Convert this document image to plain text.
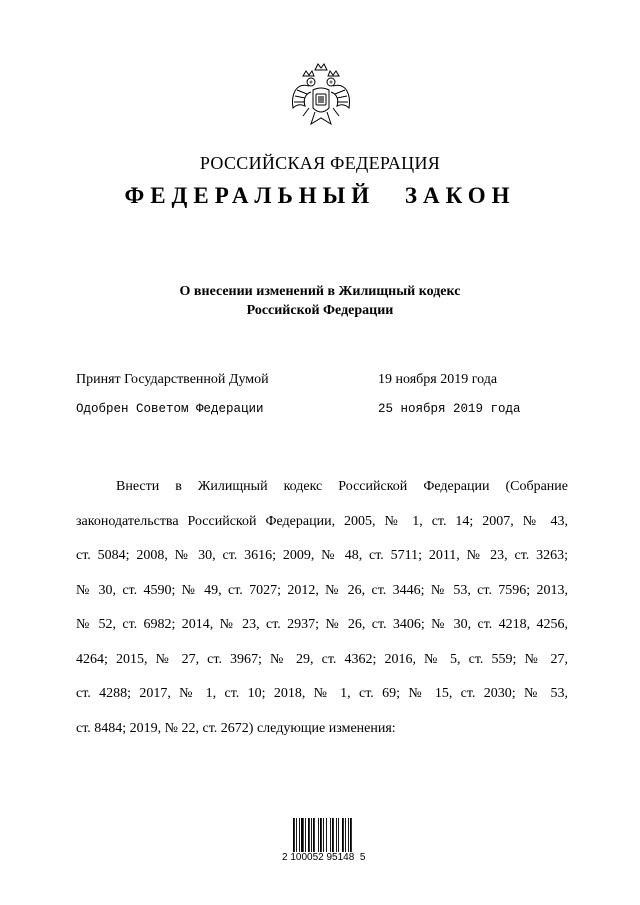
РОССИЙСКАЯ ФЕДЕРАЦИЯ
ФЕДЕРАЛЬНЫЙ ЗАКОН
О внесении изменений в Жилищный кодекс
Российской Федерации
Принят Государственной Думой	19 ноября 2019 года
Одобрен Советом Федерации	25 ноября 2019 года
Внести в Жилищный кодекс Российской Федерации (Собрание
законодательства Российской Федерации, 2005, № 1, ст. 14; 2007, № 43,
ст. 5084; 2008, № 30, ст. 3616; 2009, № 48, ст. 5711; 2011, № 23, ст. 3263;
№ 30, ст. 4590; № 49, ст. 7027; 2012, № 26, ст. 3446; № 53, ст. 7596; 2013,
№ 52, ст. 6982; 2014, № 23, ст. 2937; № 26, ст. 3406; № 30, ст. 4218, 4256,
4264; 2015, № 27, ст. 3967; № 29, ст. 4362; 2016, № 5, ст. 559; № 27,
ст. 4288; 2017, № 1, ст. 10; 2018, № 1, ст. 69; № 15, ст. 2030; № 53,
ст. 8484; 2019, № 22, ст. 2672) следующие изменения:
2 100052 95148  5
